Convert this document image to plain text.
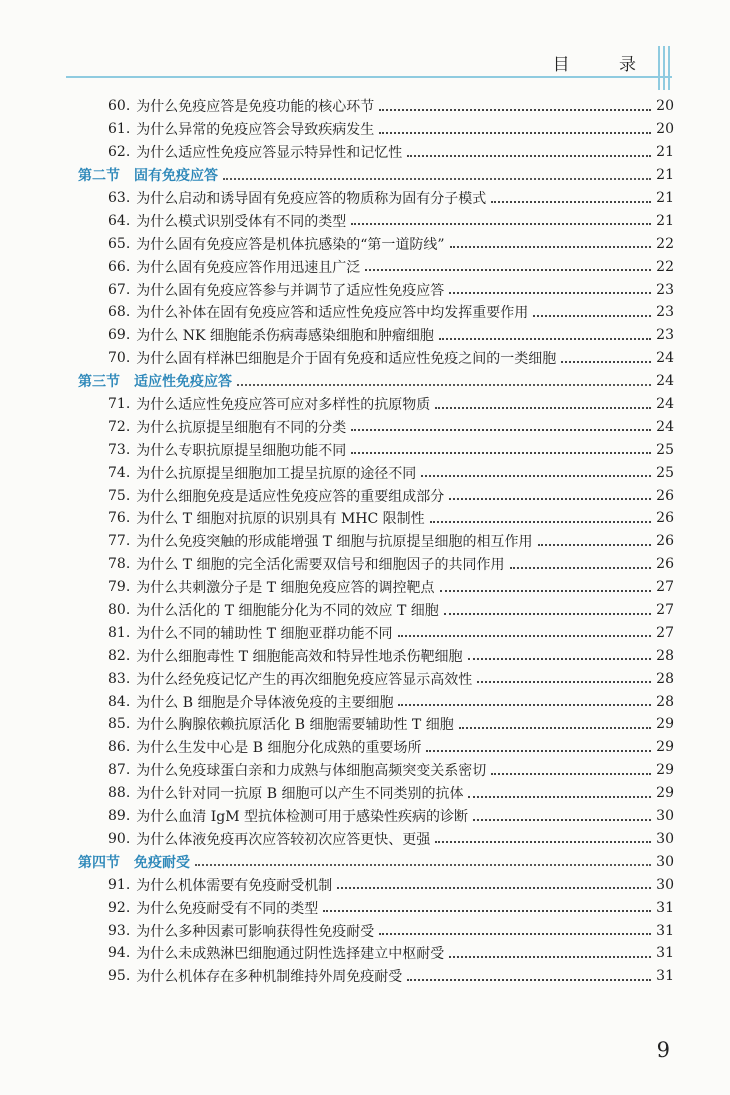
目 录
60. 为什么免疫应答是免疫功能的核心环节	20
61. 为什么异常的免疫应答会导致疾病发生	20
62. 为什么适应性免疫应答显示特异性和记忆性	21
第二节 固有免疫应答	21
63. 为什么启动和诱导固有免疫应答的物质称为固有分子模式	21
64. 为什么模式识别受体有不同的类型	21
65. 为什么固有免疫应答是机体抗感染的“第一道防线”	22
66. 为什么固有免疫应答作用迅速且广泛	22
67. 为什么固有免疫应答参与并调节了适应性免疫应答	23
68. 为什么补体在固有免疫应答和适应性免疫应答中均发挥重要作用	23
69. 为什么 NK 细胞能杀伤病毒感染细胞和肿瘤细胞	23
70. 为什么固有样淋巴细胞是介于固有免疫和适应性免疫之间的一类细胞	24
第三节 适应性免疫应答	24
71. 为什么适应性免疫应答可应对多样性的抗原物质	24
72. 为什么抗原提呈细胞有不同的分类	24
73. 为什么专职抗原提呈细胞功能不同	25
74. 为什么抗原提呈细胞加工提呈抗原的途径不同	25
75. 为什么细胞免疫是适应性免疫应答的重要组成部分	26
76. 为什么 T 细胞对抗原的识别具有 MHC 限制性	26
77. 为什么免疫突触的形成能增强 T 细胞与抗原提呈细胞的相互作用	26
78. 为什么 T 细胞的完全活化需要双信号和细胞因子的共同作用	26
79. 为什么共刺激分子是 T 细胞免疫应答的调控靶点	27
80. 为什么活化的 T 细胞能分化为不同的效应 T 细胞	27
81. 为什么不同的辅助性 T 细胞亚群功能不同	27
82. 为什么细胞毒性 T 细胞能高效和特异性地杀伤靶细胞	28
83. 为什么经免疫记忆产生的再次细胞免疫应答显示高效性	28
84. 为什么 B 细胞是介导体液免疫的主要细胞	28
85. 为什么胸腺依赖抗原活化 B 细胞需要辅助性 T 细胞	29
86. 为什么生发中心是 B 细胞分化成熟的重要场所	29
87. 为什么免疫球蛋白亲和力成熟与体细胞高频突变关系密切	29
88. 为什么针对同一抗原 B 细胞可以产生不同类别的抗体	29
89. 为什么血清 IgM 型抗体检测可用于感染性疾病的诊断	30
90. 为什么体液免疫再次应答较初次应答更快、更强	30
第四节 免疫耐受	30
91. 为什么机体需要有免疫耐受机制	30
92. 为什么免疫耐受有不同的类型	31
93. 为什么多种因素可影响获得性免疫耐受	31
94. 为什么未成熟淋巴细胞通过阴性选择建立中枢耐受	31
95. 为什么机体存在多种机制维持外周免疫耐受	31
9
